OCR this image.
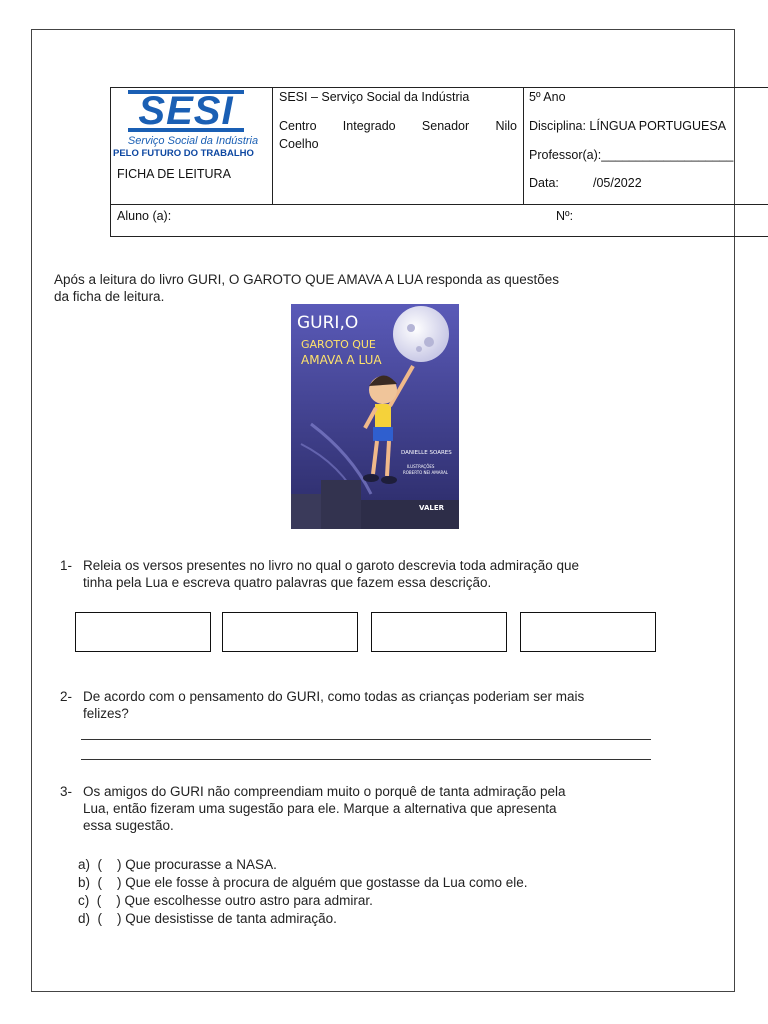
SESI
Serviço Social da Indústria
PELO FUTURO DO TRABALHO
FICHA DE LEITURA
SESI – Serviço Social da Indústria
Centro Integrado Senador Nilo
Coelho
5º Ano
Disciplina: LÍNGUA PORTUGUESA
Professor(a):___________________
Data:	/05/2022
Aluno (a):	Nº:
Após a leitura do livro GURI, O GAROTO QUE AMAVA A LUA responda as questões
da ficha de leitura.
GURI,O
GAROTO QUE
AMAVA A LUA
DANIELLE SOARES
ILUSTRAÇÕES
ROBERTO NEI AMARAL
VALER
1- Releia os versos presentes no livro no qual o garoto descrevia toda admiração que
tinha pela Lua e escreva quatro palavras que fazem essa descrição.
2- De acordo com o pensamento do GURI, como todas as crianças poderiam ser mais
felizes?
3- Os amigos do GURI não compreendiam muito o porquê de tanta admiração pela
Lua, então fizeram uma sugestão para ele. Marque a alternativa que apresenta
essa sugestão.
a)  (    ) Que procurasse a NASA.
b)  (    ) Que ele fosse à procura de alguém que gostasse da Lua como ele.
c)  (    ) Que escolhesse outro astro para admirar.
d)  (    ) Que desistisse de tanta admiração.
